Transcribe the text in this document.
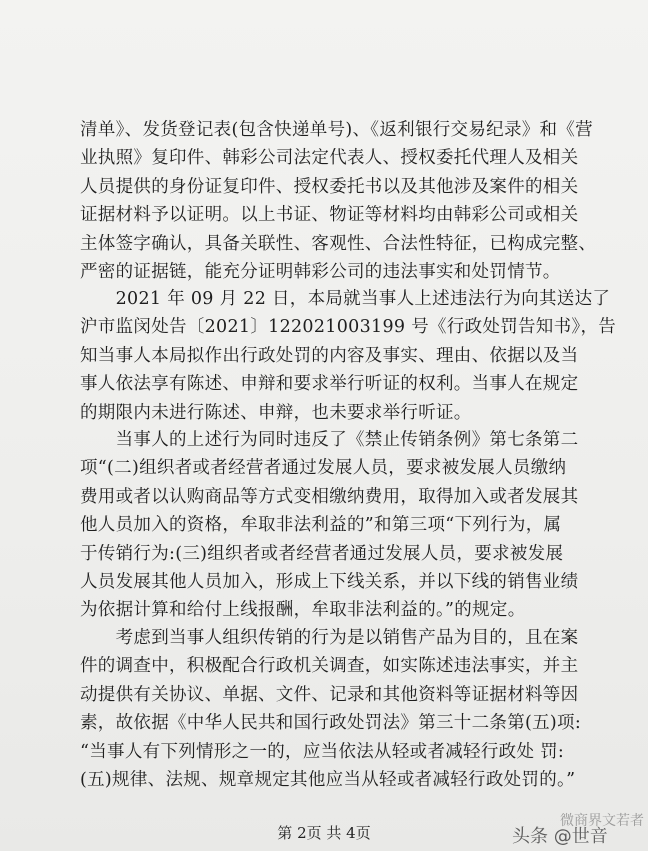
清单》、发货登记表(包含快递单号)、《返利银行交易纪录》和《营
业执照》复印件、韩彩公司法定代表人、授权委托代理人及相关
人员提供的身份证复印件、授权委托书以及其他涉及案件的相关
证据材料予以证明。以上书证、物证等材料均由韩彩公司或相关
主体签字确认，具备关联性、客观性、合法性特征，已构成完整、
严密的证据链，能充分证明韩彩公司的违法事实和处罚情节。
　　2021 年 09 月 22 日，本局就当事人上述违法行为向其送达了
沪市监闵处告〔2021〕122021003199 号《行政处罚告知书》，告
知当事人本局拟作出行政处罚的内容及事实、理由、依据以及当
事人依法享有陈述、申辩和要求举行听证的权利。当事人在规定
的期限内未进行陈述、申辩，也未要求举行听证。
　　当事人的上述行为同时违反了《禁止传销条例》第七条第二
项“(二)组织者或者经营者通过发展人员，要求被发展人员缴纳
费用或者以认购商品等方式变相缴纳费用，取得加入或者发展其
他人员加入的资格，牟取非法利益的”和第三项“下列行为，属
于传销行为:(三)组织者或者经营者通过发展人员，要求被发展
人员发展其他人员加入，形成上下线关系，并以下线的销售业绩
为依据计算和给付上线报酬，牟取非法利益的。”的规定。
　　考虑到当事人组织传销的行为是以销售产品为目的，且在案
件的调查中，积极配合行政机关调查，如实陈述违法事实，并主
动提供有关协议、单据、文件、记录和其他资料等证据材料等因
素，故依据《中华人民共和国行政处罚法》第三十二条第(五)项:
“当事人有下列情形之一的，应当依法从轻或者减轻行政处 罚:
(五)规律、法规、规章规定其他应当从轻或者减轻行政处罚的。”
第 2页 共 4页
微商界文若者
头条 @世音
